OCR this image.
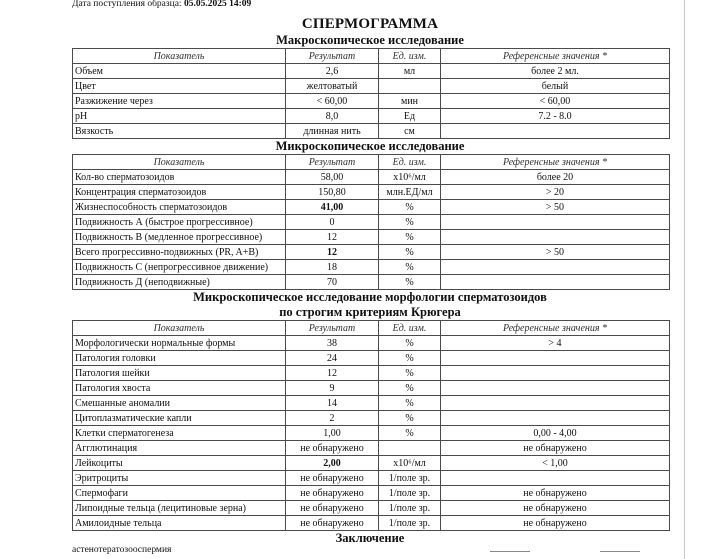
Дата поступления образца: 05.05.2025 14:09
СПЕРМОГРАММА
Макроскопическое исследование
Показатель	Результат	Ед. изм.	Референсные значения *
Объем	2,6	мл	более 2 мл.
Цвет	желтоватый		белый
Разжижение через	< 60,00	мин	< 60,00
pH	8,0	Ед	7.2 - 8.0
Вязкость	длинная нить	см	
Микроскопическое исследование
Показатель	Результат	Ед. изм.	Референсные значения *
Кол-во сперматозоидов	58,00	x10⁶/мл	более 20
Концентрация сперматозоидов	150,80	млн.ЕД/мл	> 20
Жизнеспособность сперматозоидов	41,00	%	> 50
Подвижность А (быстрое прогрессивное)	0	%	
Подвижность В (медленное прогрессивное)	12	%	
Всего прогрессивно-подвижных (PR, A+B)	12	%	> 50
Подвижность С (непрогрессивное движение)	18	%	
Подвижность Д (неподвижные)	70	%	
Микроскопическое исследование морфологии сперматозоидов
по строгим критериям Крюгера
Показатель	Результат	Ед. изм.	Референсные значения *
Морфологически нормальные формы	38	%	> 4
Патология головки	24	%	
Патология шейки	12	%	
Патология хвоста	9	%	
Смешанные аномалии	14	%	
Цитоплазматические капли	2	%	
Клетки сперматогенеза	1,00	%	0,00 - 4,00
Агглютинация	не обнаружено		не обнаружено
Лейкоциты	2,00	x10⁶/мл	< 1,00
Эритроциты	не обнаружено	1/поле зр.	
Спермофаги	не обнаружено	1/поле зр.	не обнаружено
Липоидные тельца (лецитиновые зерна)	не обнаружено	1/поле зр.	не обнаружено
Амилоидные тельца	не обнаружено	1/поле зр.	не обнаружено
Заключение
астенотератозооспермия
